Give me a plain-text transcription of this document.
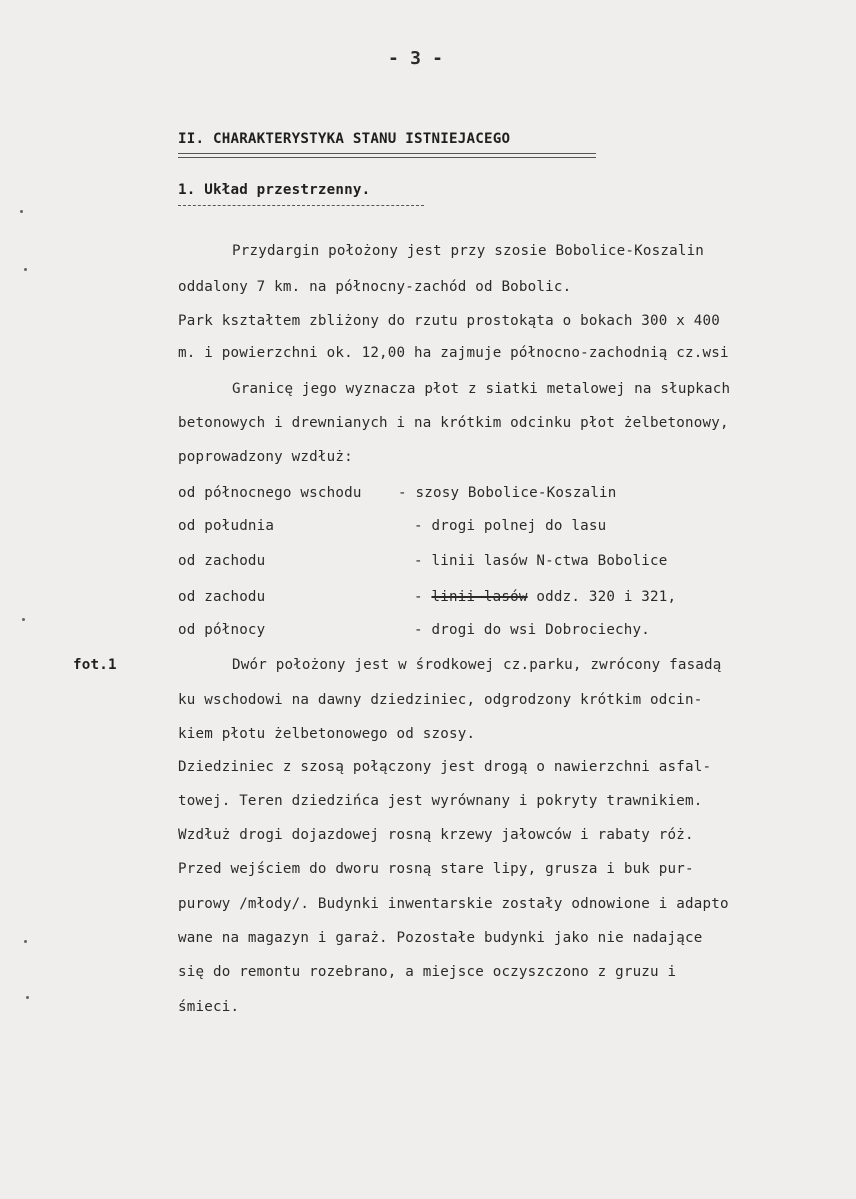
- 3 -
II. CHARAKTERYSTYKA STANU ISTNIEJACEGO
1. Układ przestrzenny.
Przydargin położony jest przy szosie Bobolice-Koszalin
oddalony 7 km. na północny-zachód od Bobolic.
Park kształtem zbliżony do rzutu prostokąta o bokach 300 x 400
m. i powierzchni ok. 12,00 ha zajmuje północno-zachodnią cz.wsi
Granicę jego wyznacza płot z siatki metalowej na słupkach
betonowych i drewnianych i na krótkim odcinku płot żelbetonowy,
poprowadzony wzdłuż:
od północnego wschodu	- szosy Bobolice-Koszalin
od południa	- drogi polnej do lasu
od zachodu	- linii lasów N-ctwa Bobolice
od zachodu	- linii lasów oddz. 320 i 321,
od północy	- drogi do wsi Dobrociechy.
fot.1	Dwór położony jest w środkowej cz.parku, zwrócony fasadą
ku wschodowi na dawny dziedziniec, odgrodzony krótkim odcin-
kiem płotu żelbetonowego od szosy.
Dziedziniec z szosą połączony jest drogą o nawierzchni asfal-
towej. Teren dziedzińca jest wyrównany i pokryty trawnikiem.
Wzdłuż drogi dojazdowej rosną krzewy jałowców i rabaty róż.
Przed wejściem do dworu rosną stare lipy, grusza i buk pur-
purowy /młody/. Budynki inwentarskie zostały odnowione i adapto
wane na magazyn i garaż. Pozostałe budynki jako nie nadające
się do remontu rozebrano, a miejsce oczyszczono z gruzu i
śmieci.
